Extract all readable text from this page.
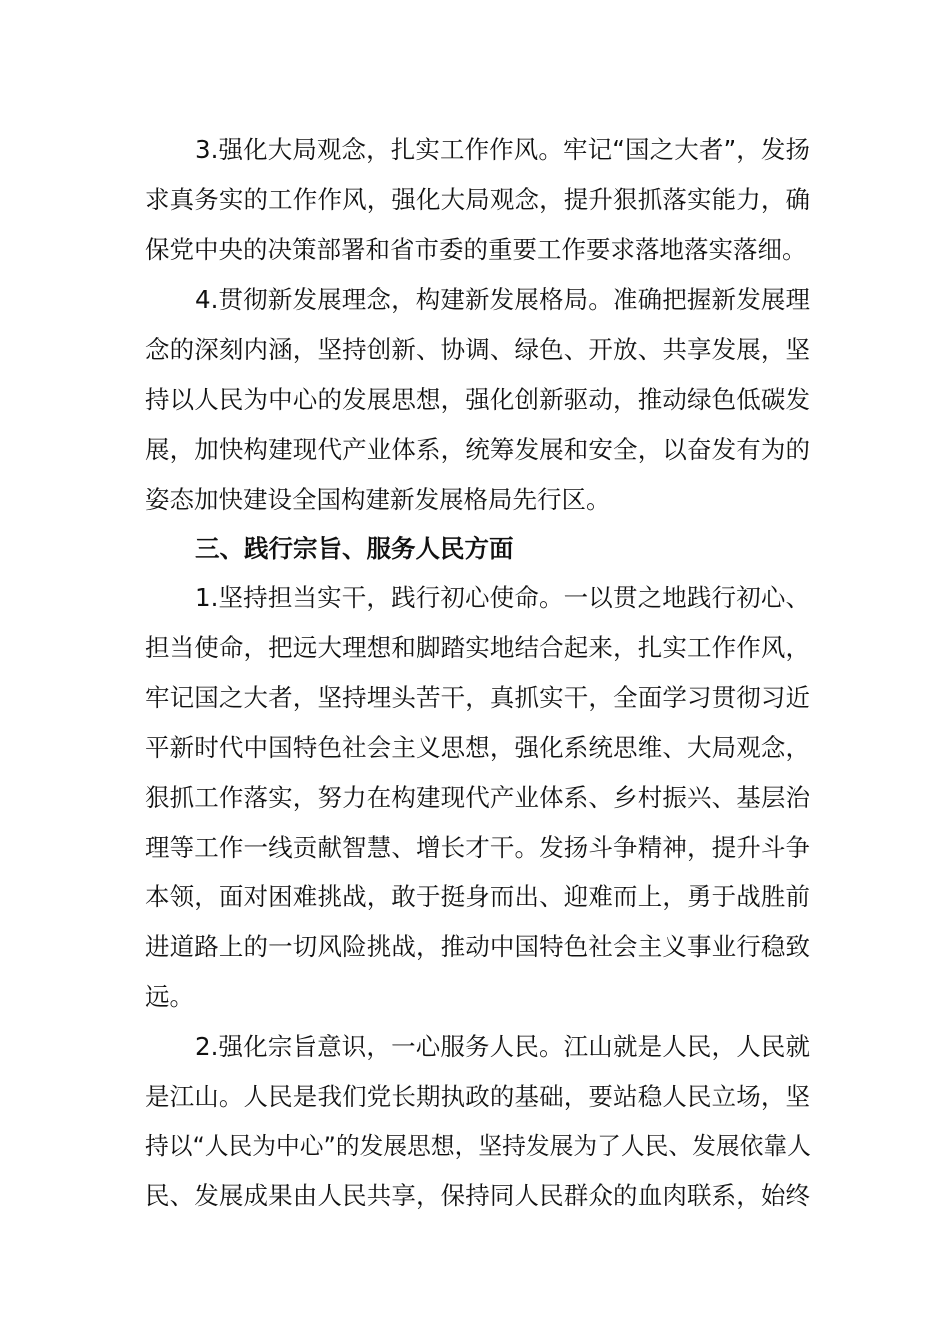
3.强化大局观念，扎实工作作风。牢记“国之大者”，发扬

求真务实的工作作风，强化大局观念，提升狠抓落实能力，确

保党中央的决策部署和省市委的重要工作要求落地落实落细。

4.贯彻新发展理念，构建新发展格局。准确把握新发展理

念的深刻内涵，坚持创新、协调、绿色、开放、共享发展，坚

持以人民为中心的发展思想，强化创新驱动，推动绿色低碳发

展，加快构建现代产业体系，统筹发展和安全，以奋发有为的

姿态加快建设全国构建新发展格局先行区。

三、践行宗旨、服务人民方面

1.坚持担当实干，践行初心使命。一以贯之地践行初心、

担当使命，把远大理想和脚踏实地结合起来，扎实工作作风，

牢记国之大者，坚持埋头苦干，真抓实干，全面学习贯彻习近

平新时代中国特色社会主义思想，强化系统思维、大局观念，

狠抓工作落实，努力在构建现代产业体系、乡村振兴、基层治

理等工作一线贡献智慧、增长才干。发扬斗争精神，提升斗争

本领，面对困难挑战，敢于挺身而出、迎难而上，勇于战胜前

进道路上的一切风险挑战，推动中国特色社会主义事业行稳致

远。

2.强化宗旨意识，一心服务人民。江山就是人民，人民就

是江山。人民是我们党长期执政的基础，要站稳人民立场，坚

持以“人民为中心”的发展思想，坚持发展为了人民、发展依靠人

民、发展成果由人民共享，保持同人民群众的血肉联系，始终
